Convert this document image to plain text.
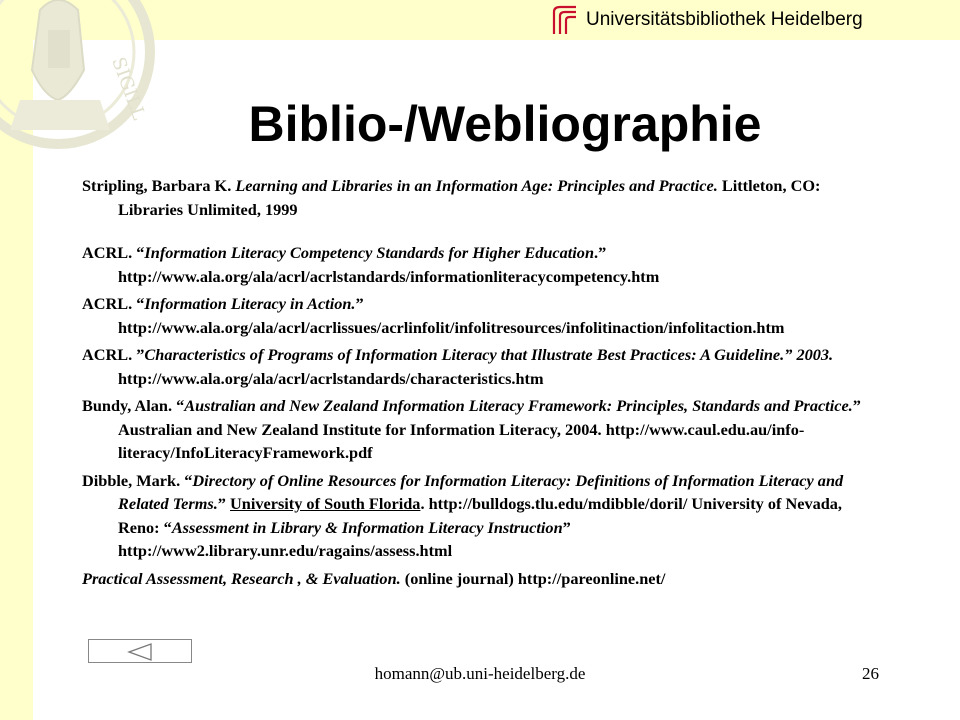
SIGILL
Universitätsbibliothek Heidelberg
Biblio-/Webliographie

Stripling, Barbara K. Learning and Libraries in an Information Age: Principles and Practice. Littleton, CO: Libraries Unlimited, 1999

ACRL. “Information Literacy Competency Standards for Higher Education.” http://www.ala.org/ala/acrl/acrlstandards/informationliteracycompetency.htm

ACRL. “Information Literacy in Action.” http://www.ala.org/ala/acrl/acrlissues/acrlinfolit/infolitresources/infolitinaction/infolitaction.htm

ACRL. ”Characteristics of Programs of Information Literacy that Illustrate Best Practices: A Guideline.” 2003. http://www.ala.org/ala/acrl/acrlstandards/characteristics.htm

Bundy, Alan. “Australian and New Zealand Information Literacy Framework: Principles, Standards and Practice.” Australian and New Zealand Institute for Information Literacy, 2004. http://www.caul.edu.au/info-literacy/InfoLiteracyFramework.pdf

Dibble, Mark. “Directory of Online Resources for Information Literacy: Definitions of Information Literacy and Related Terms.” University of South Florida. http://bulldogs.tlu.edu/mdibble/doril/ University of Nevada, Reno: “Assessment in Library & Information Literacy Instruction” http://www2.library.unr.edu/ragains/assess.html

Practical Assessment, Research , & Evaluation. (online journal) http://pareonline.net/

homann@ub.uni-heidelberg.de	26
